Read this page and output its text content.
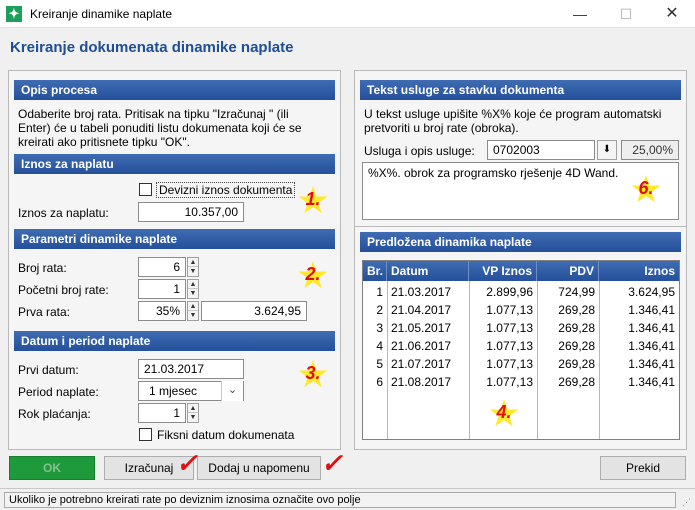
✦ Kreiranje dinamike naplate	—	☐	✕
Kreiranje dokumenata dinamike naplate
Opis procesa
Odaberite broj rata. Pritisak na tipku "Izračunaj " (ili
Enter) će u tabeli ponuditi listu dokumenata koji će se
kreirati ako pritisnete tipku "OK".
Iznos za naplatu
Devizni iznos dokumenta
Iznos za naplatu:	10.357,00
1.
Parametri dinamike naplate
Broj rata:	6	▲
▼
Početni broj rate:	1	▲
▼
Prva rata:	35%	▲
▼	3.624,95
2.
Datum i period naplate
Prvi datum:	21.03.2017
Period naplate:	1 mjesec	⌄
Rok plaćanja:	1	▲
▼
Fiksni datum dokumenata
3.
Tekst usluge za stavku dokumenta
U tekst usluge upišite %X% koje će program automatski
pretvoriti u broj rate (obroka).
Usluga i opis usluge:	0702003	⬇	25,00%
%X%. obrok za programsko rješenje 4D Wand.
6.
Predložena dinamika naplate
Br. Datum	VP Iznos	PDV	Iznos
1 21.03.2017	2.899,96	724,99	3.624,95
2 21.04.2017	1.077,13	269,28	1.346,41
3 21.05.2017	1.077,13	269,28	1.346,41
4 21.06.2017	1.077,13	269,28	1.346,41
5 21.07.2017	1.077,13	269,28	1.346,41
6 21.08.2017	1.077,13	269,28	1.346,41
4.
OK	Izračunaj	Dodaj u napomenu	Prekid
✓	✓
Ukoliko je potrebno kreirati rate po deviznim iznosima označite ovo polje	⋰
